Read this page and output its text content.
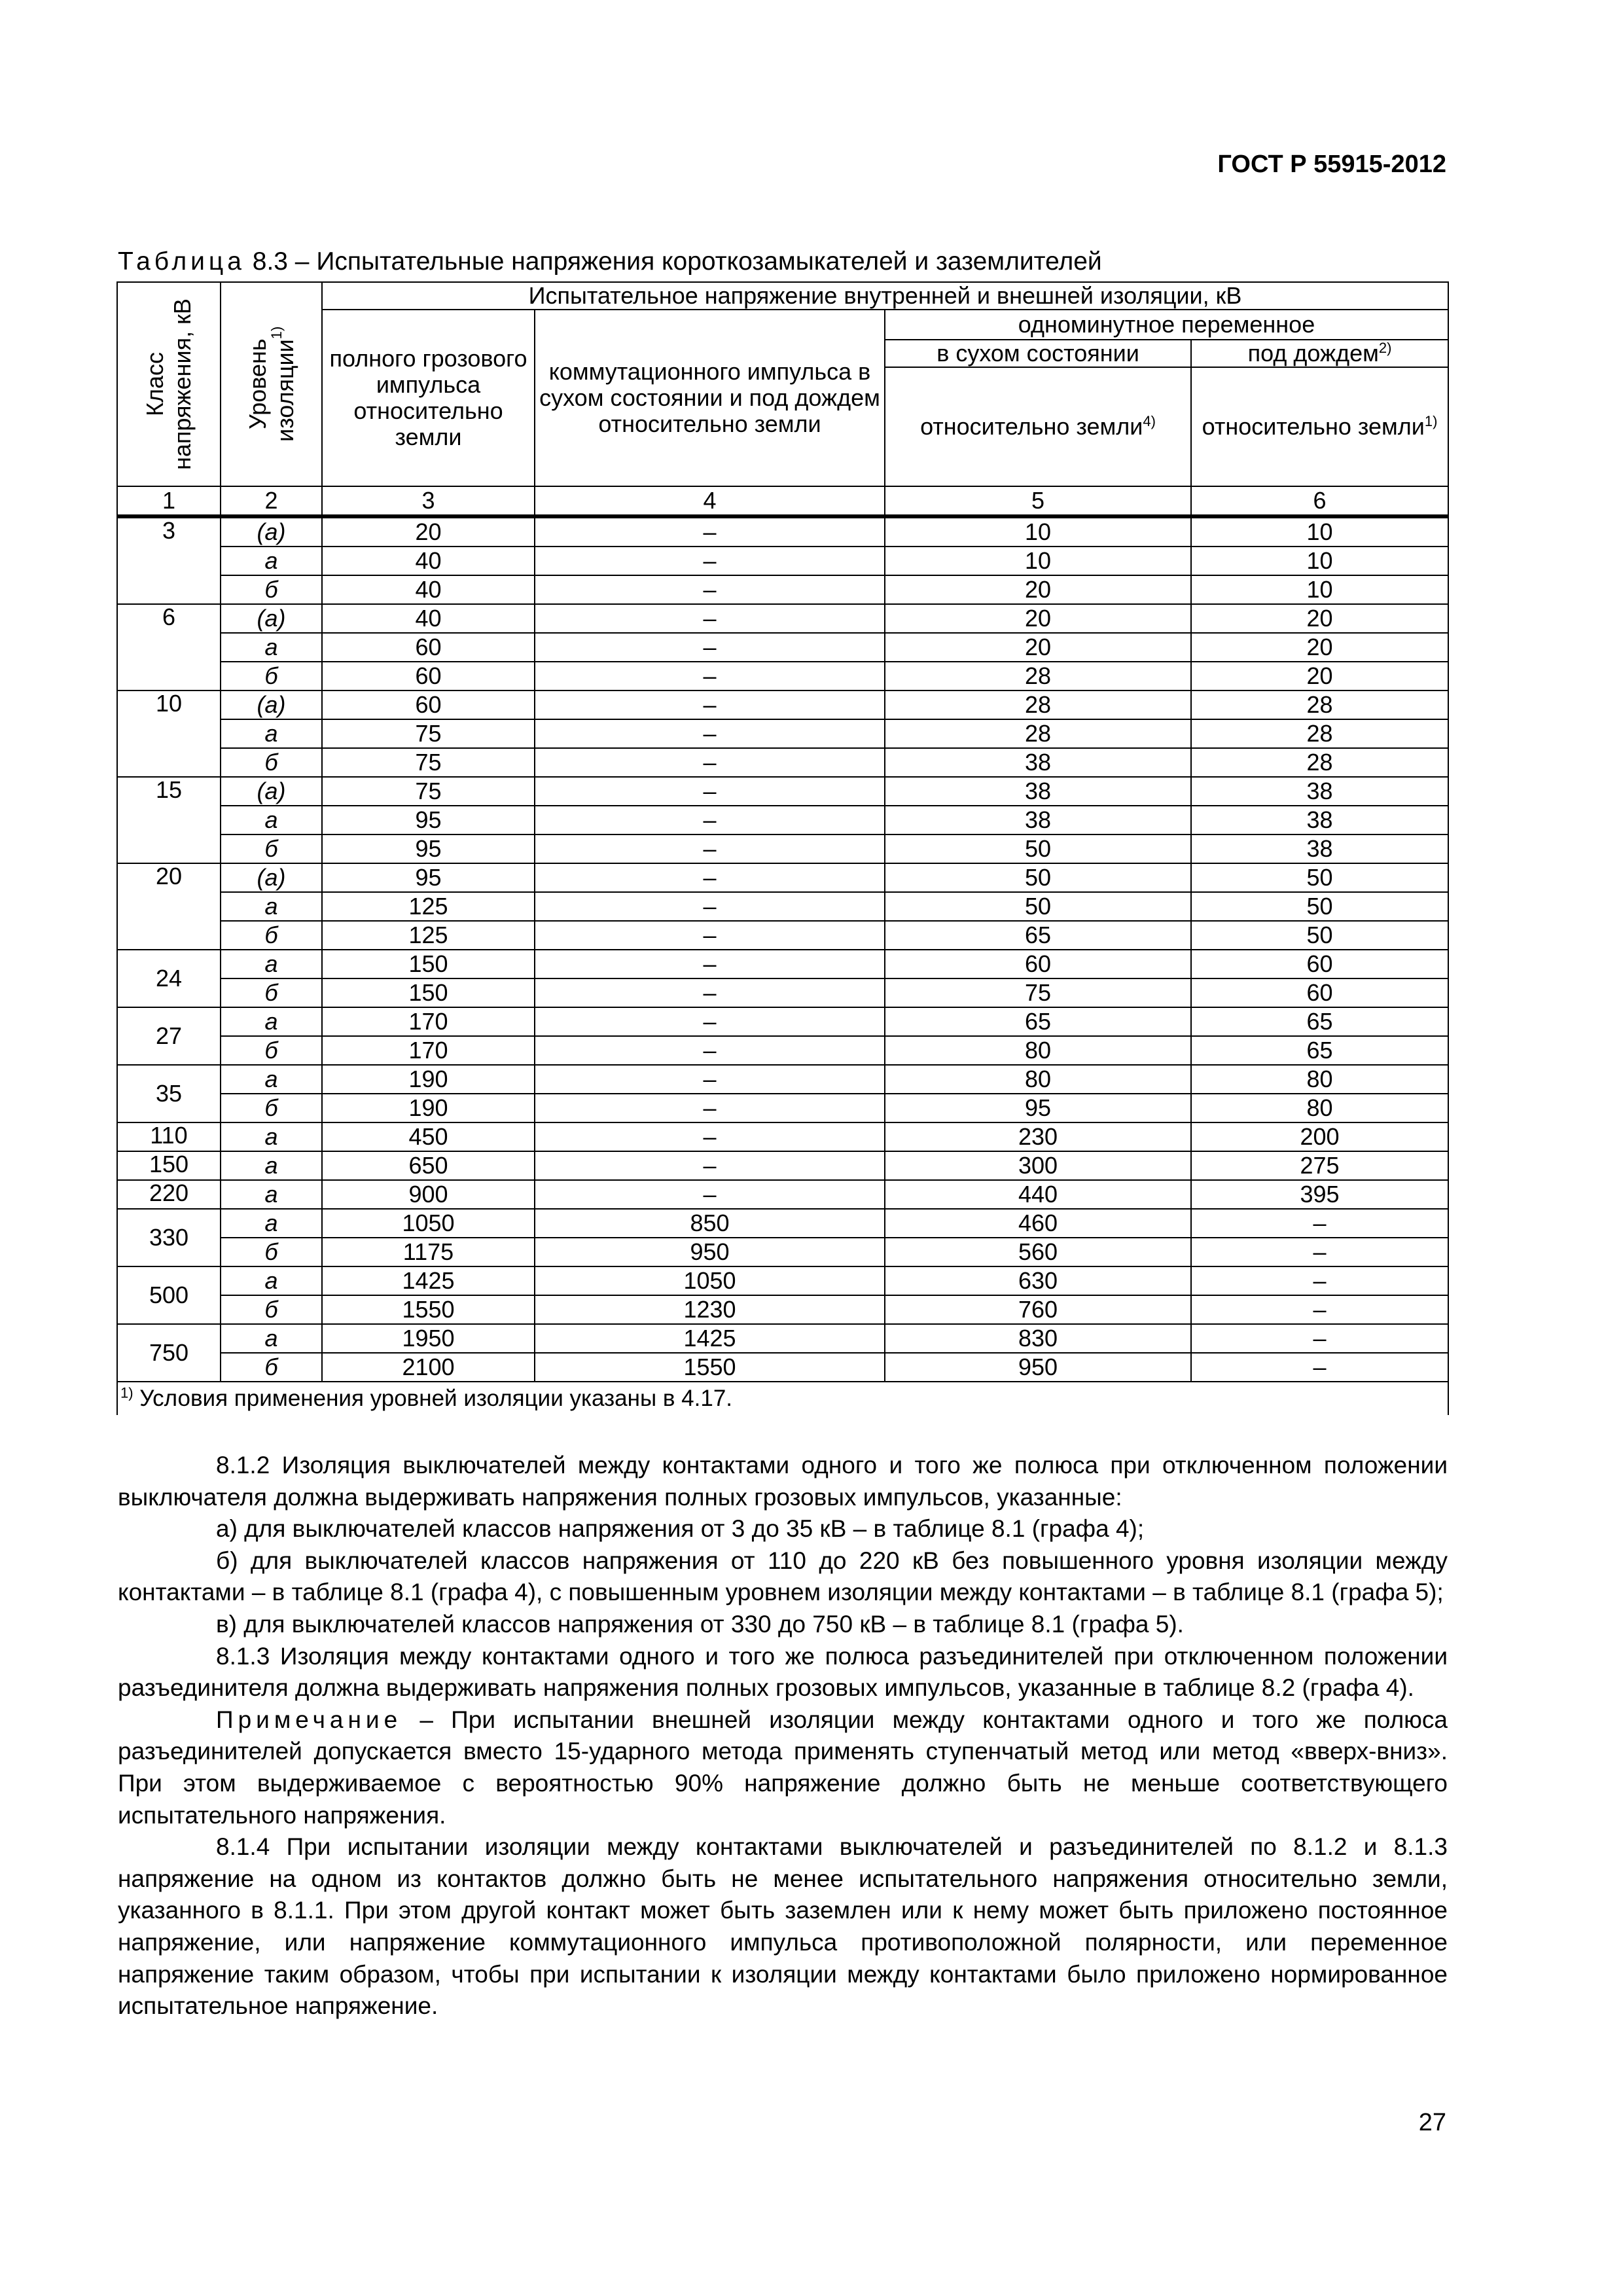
ГОСТ Р 55915-2012
Таблица 8.3 – Испытательные напряжения короткозамыкателей и заземлителей
Класс напряжения, кВ	Уровень изоляции$^{1)}$	Испытательное напряжение внутренней и внешней изоляции, кВ			
		полного грозового импульса относительно земли	коммутационного импульса в сухом состоянии и под дождем относительно земли	одноминутное переменное	
				в сухом состоянии	под дождем$^{2)}$
				относительно земли$^{4)}$	относительно земли$^{1)}$
1	2	3	4	5	6
3	(а)	20	–	10	10
	а	40	–	10	10
	б	40	–	20	10
6	(а)	40	–	20	20
	а	60	–	20	20
	б	60	–	28	20
10	(а)	60	–	28	28
	а	75	–	28	28
	б	75	–	38	28
15	(а)	75	–	38	38
	а	95	–	38	38
	б	95	–	50	38
20	(а)	95	–	50	50
	а	125	–	50	50
	б	125	–	65	50
24	а	150	–	60	60
	б	150	–	75	60
27	а	170	–	65	65
	б	170	–	80	65
35	а	190	–	80	80
	б	190	–	95	80
110	а	450	–	230	200
150	а	650	–	300	275
220	а	900	–	440	395
330	а	1050	850	460	–
	б	1175	950	560	–
500	а	1425	1050	630	–
	б	1550	1230	760	–
750	а	1950	1425	830	–
	б	2100	1550	950	–
$^{1)}$ Условия применения уровней изоляции указаны в 4.17.					

8.1.2 Изоляция выключателей между контактами одного и того же полюса при отключенном положении выключателя должна выдерживать напряжения полных грозовых импульсов, указанные:

а) для выключателей классов напряжения от 3 до 35 кВ – в таблице 8.1 (графа 4);

б) для выключателей классов напряжения от 110 до 220 кВ без повышенного уровня изоляции между контактами – в таблице 8.1 (графа 4), с повышенным уровнем изоляции между контактами – в таблице 8.1 (графа 5);

в) для выключателей классов напряжения от 330 до 750 кВ – в таблице 8.1 (графа 5).

8.1.3 Изоляция между контактами одного и того же полюса разъединителей при отключенном положении разъединителя должна выдерживать напряжения полных грозовых импульсов, указанные в таблице 8.2 (графа 4).

Примечание – При испытании внешней изоляции между контактами одного и того же полюса разъединителей допускается вместо 15-ударного метода применять ступенчатый метод или метод «вверх-вниз». При этом выдерживаемое с вероятностью 90% напряжение должно быть не меньше соответствующего испытательного напряжения.

8.1.4 При испытании изоляции между контактами выключателей и разъединителей по 8.1.2 и 8.1.3 напряжение на одном из контактов должно быть не менее испытательного напряжения относительно земли, указанного в 8.1.1. При этом другой контакт может быть заземлен или к нему может быть приложено постоянное напряжение, или напряжение коммутационного импульса противоположной полярности, или переменное напряжение таким образом, чтобы при испытании к изоляции между контактами было приложено нормированное испытательное напряжение.

27
